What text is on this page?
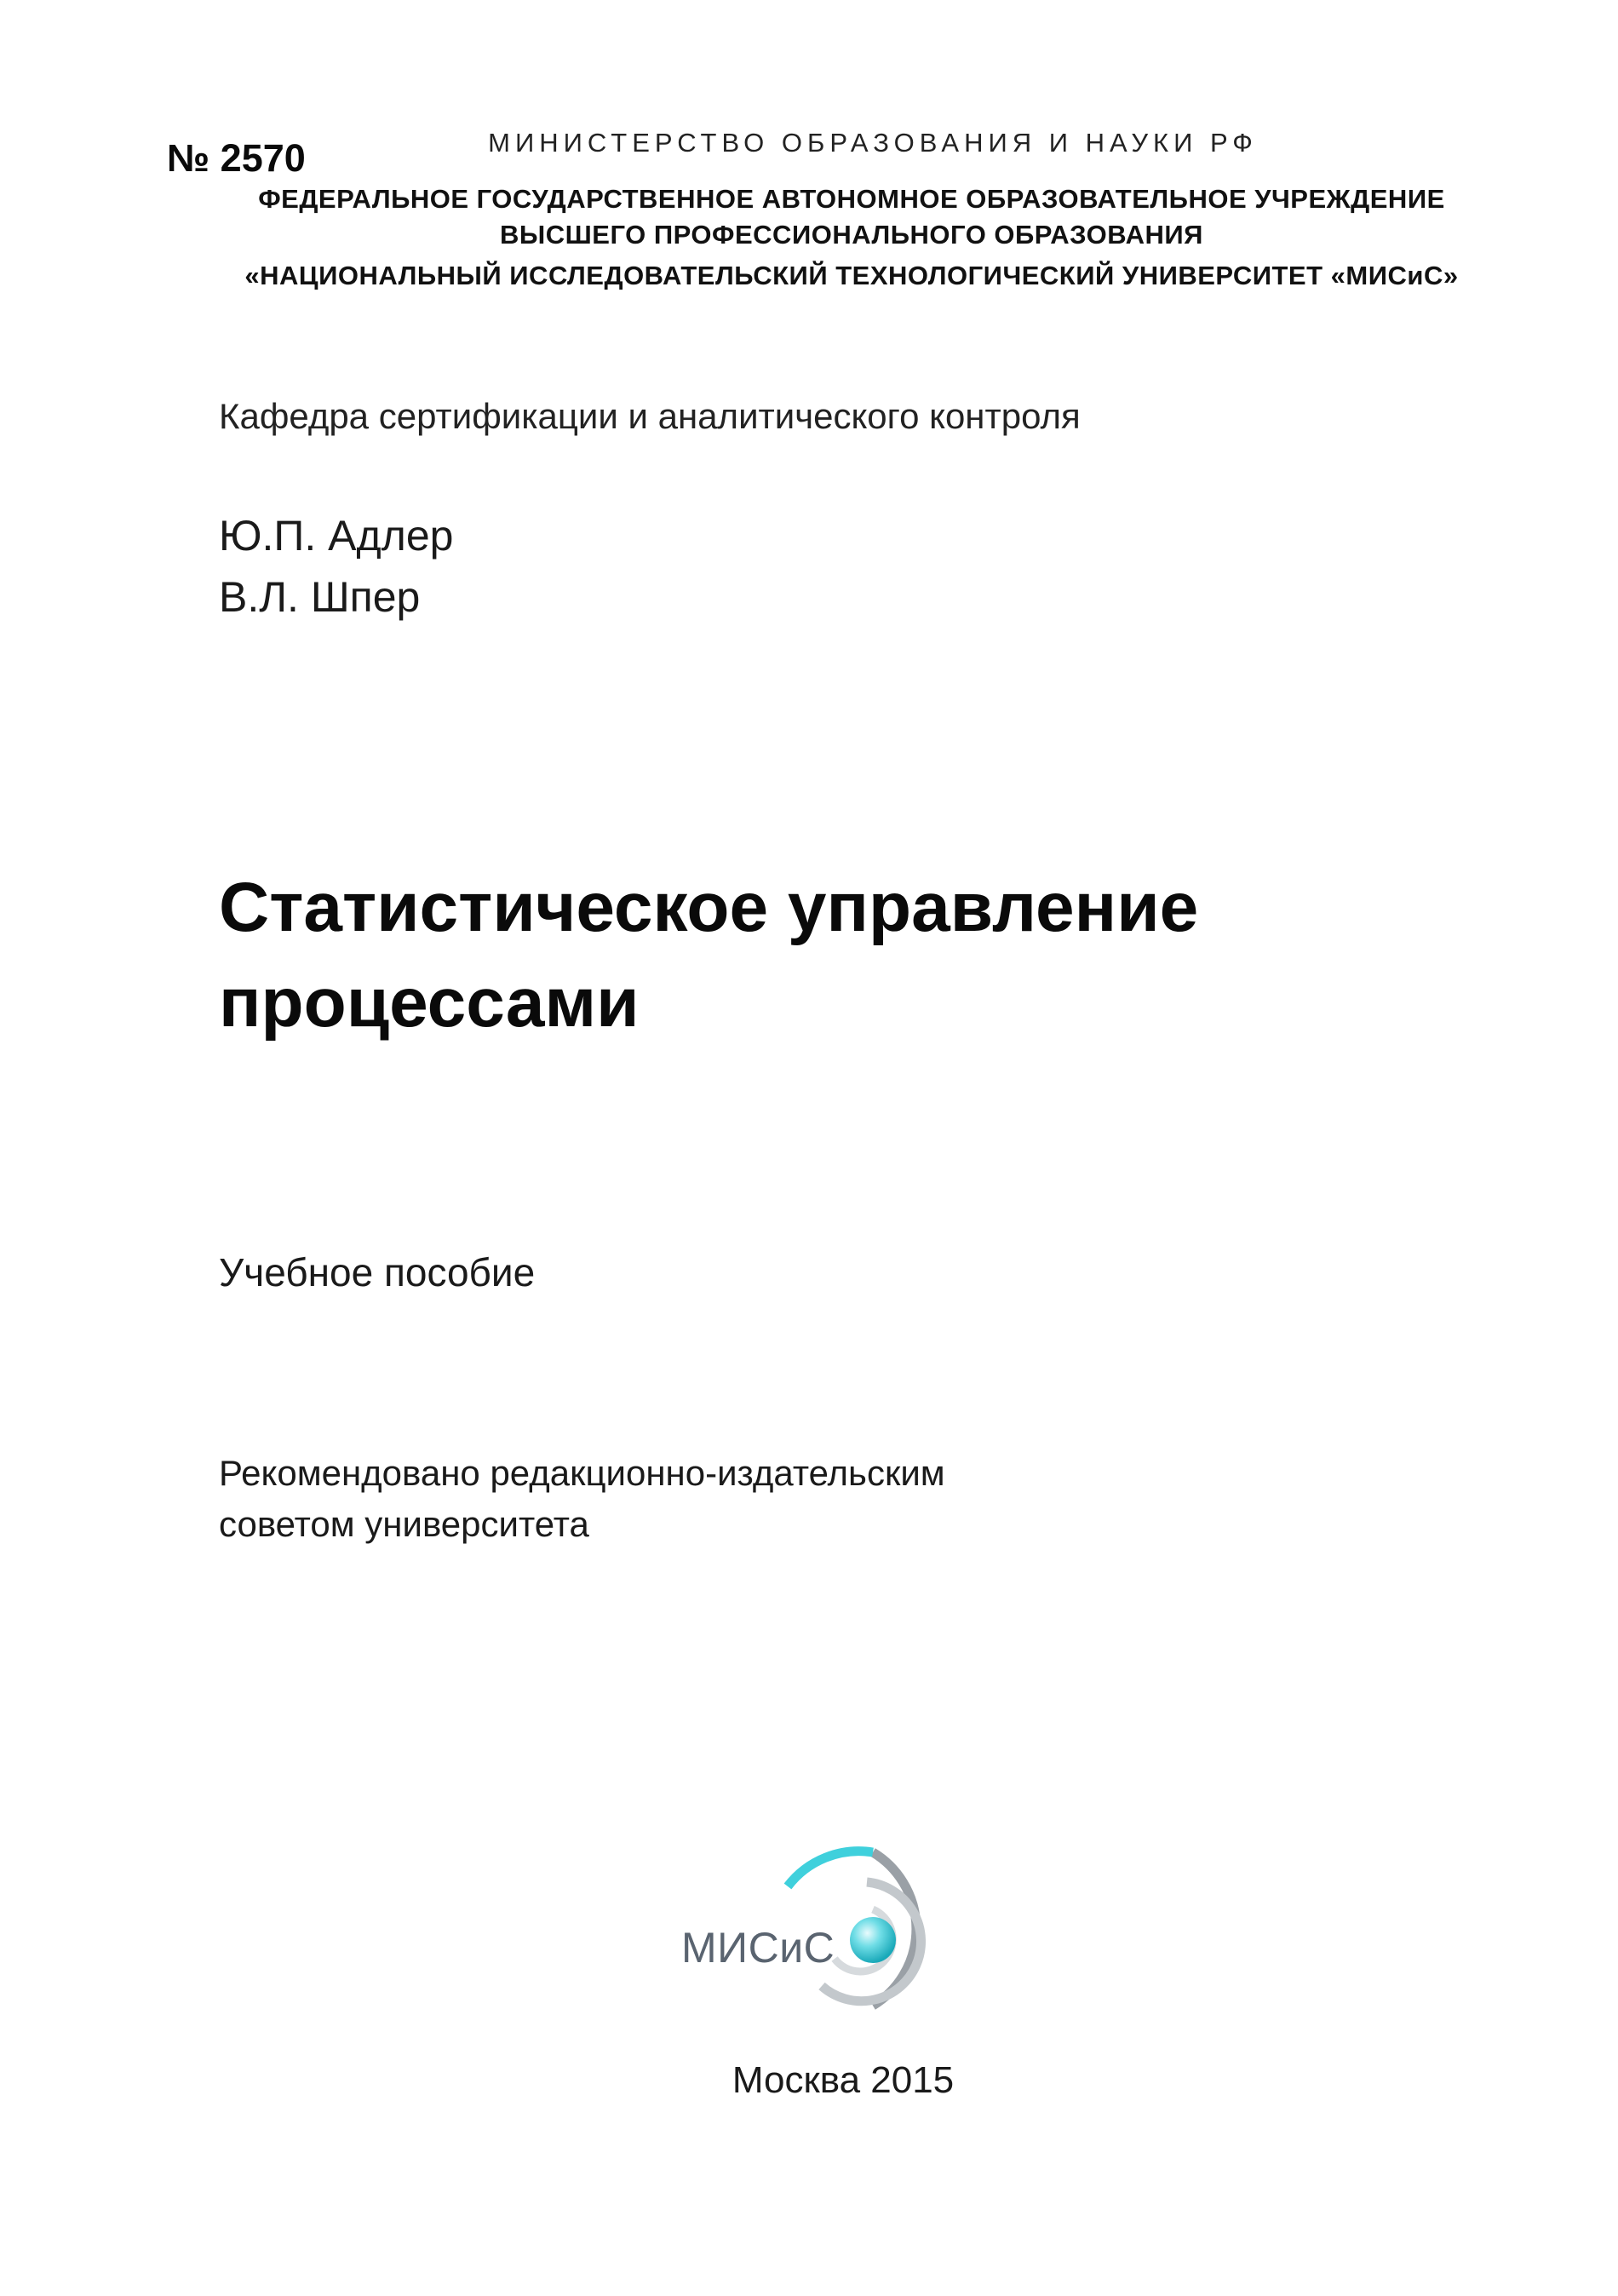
№ 2570	МИНИСТЕРСТВО ОБРАЗОВАНИЯ И НАУКИ РФ
ФЕДЕРАЛЬНОЕ ГОСУДАРСТВЕННОЕ АВТОНОМНОЕ ОБРАЗОВАТЕЛЬНОЕ УЧРЕЖДЕНИЕ
ВЫСШЕГО ПРОФЕССИОНАЛЬНОГО ОБРАЗОВАНИЯ
«НАЦИОНАЛЬНЫЙ ИССЛЕДОВАТЕЛЬСКИЙ ТЕХНОЛОГИЧЕСКИЙ УНИВЕРСИТЕТ «МИСиС»
Кафедра сертификации и аналитического контроля
Ю.П. Адлер
В.Л. Шпер
Статистическое управление
процессами
Учебное пособие
Рекомендовано редакционно-издательским
советом университета
МИСиС
Москва 2015
